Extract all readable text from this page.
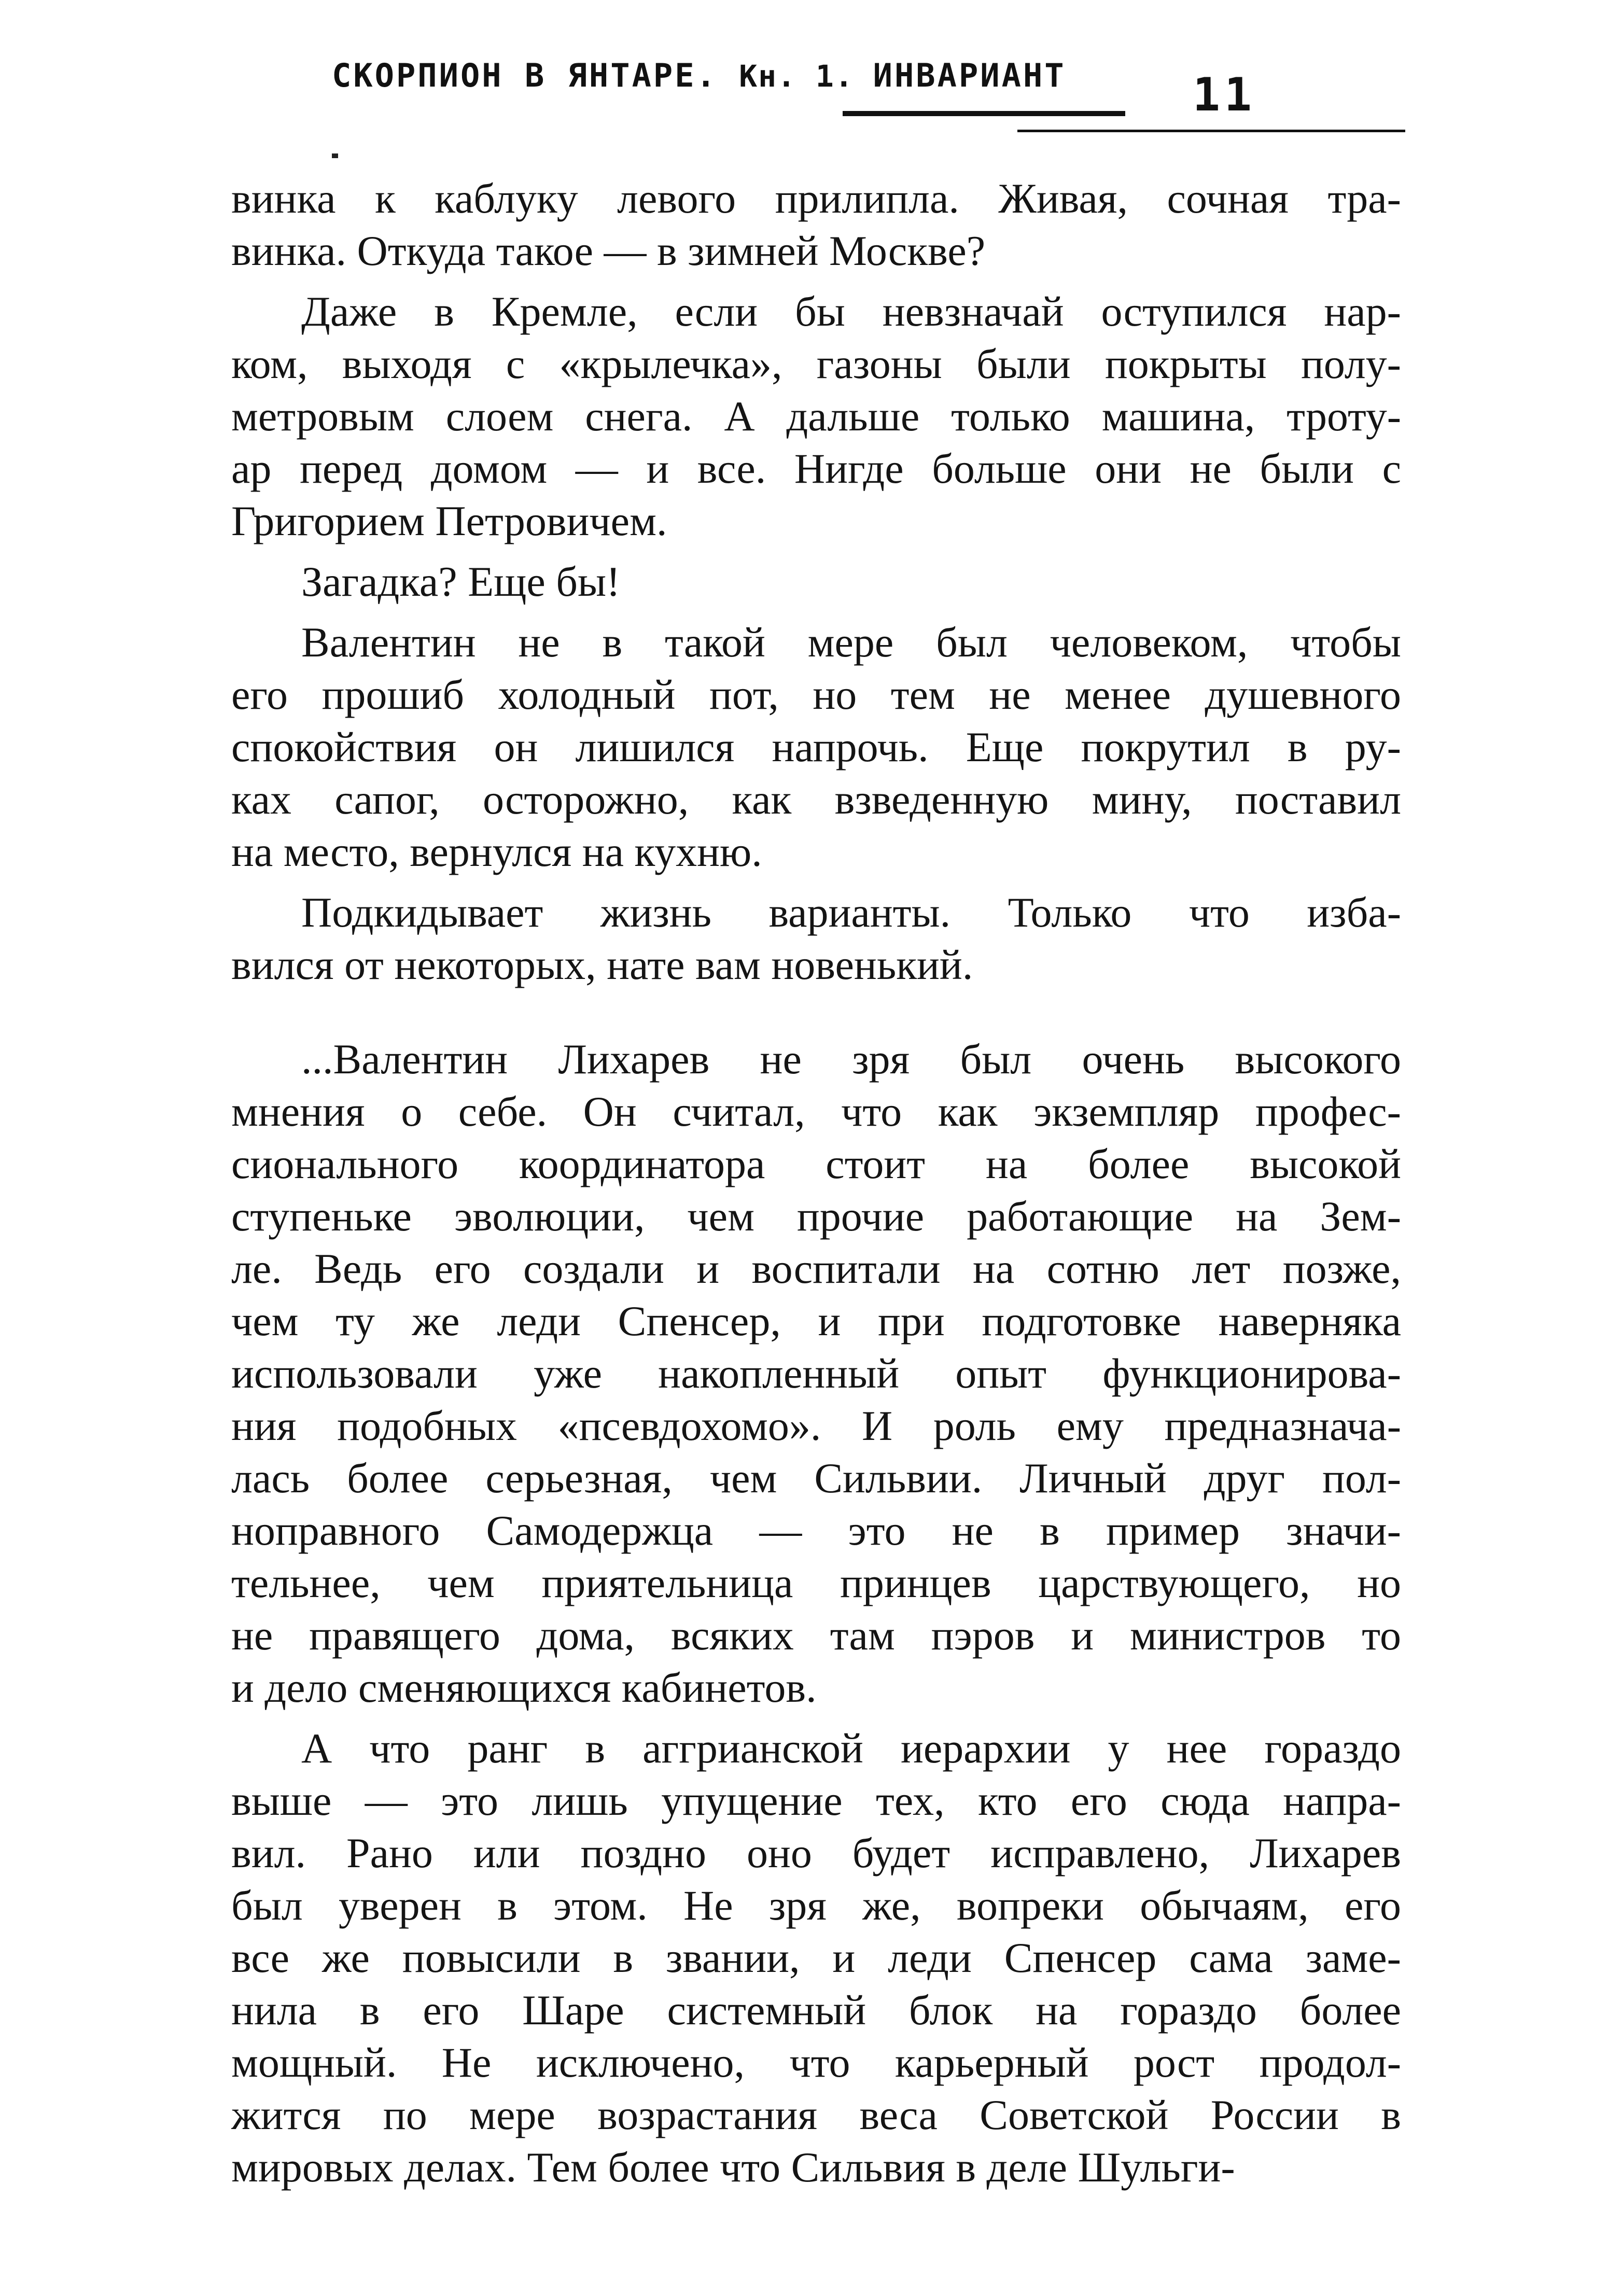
СКОРПИОН В ЯНТАРЕ. Кн. 1. ИНВАРИАНТ	11
винка к каблуку левого прилипла. Живая, сочная тра-
винка. Откуда такое — в зимней Москве?
Даже в Кремле, если бы невзначай оступился нар-
ком, выходя с «крылечка», газоны были покрыты полу-
метровым слоем снега. А дальше только машина, троту-
ар перед домом — и все. Нигде больше они не были с
Григорием Петровичем.
Загадка? Еще бы!
Валентин не в такой мере был человеком, чтобы
его прошиб холодный пот, но тем не менее душевного
спокойствия он лишился напрочь. Еще покрутил в ру-
ках сапог, осторожно, как взведенную мину, поставил
на место, вернулся на кухню.
Подкидывает жизнь варианты. Только что изба-
вился от некоторых, нате вам новенький.
...Валентин Лихарев не зря был очень высокого
мнения о себе. Он считал, что как экземпляр профес-
сионального координатора стоит на более высокой
ступеньке эволюции, чем прочие работающие на Зем-
ле. Ведь его создали и воспитали на сотню лет позже,
чем ту же леди Спенсер, и при подготовке наверняка
использовали уже накопленный опыт функционирова-
ния подобных «псевдохомо». И роль ему предназнача-
лась более серьезная, чем Сильвии. Личный друг пол-
ноправного Самодержца — это не в пример значи-
тельнее, чем приятельница принцев царствующего, но
не правящего дома, всяких там пэров и министров то
и дело сменяющихся кабинетов.
А что ранг в аггрианской иерархии у нее гораздо
выше — это лишь упущение тех, кто его сюда напра-
вил. Рано или поздно оно будет исправлено, Лихарев
был уверен в этом. Не зря же, вопреки обычаям, его
все же повысили в звании, и леди Спенсер сама заме-
нила в его Шаре системный блок на гораздо более
мощный. Не исключено, что карьерный рост продол-
жится по мере возрастания веса Советской России в
мировых делах. Тем более что Сильвия в деле Шульги-
